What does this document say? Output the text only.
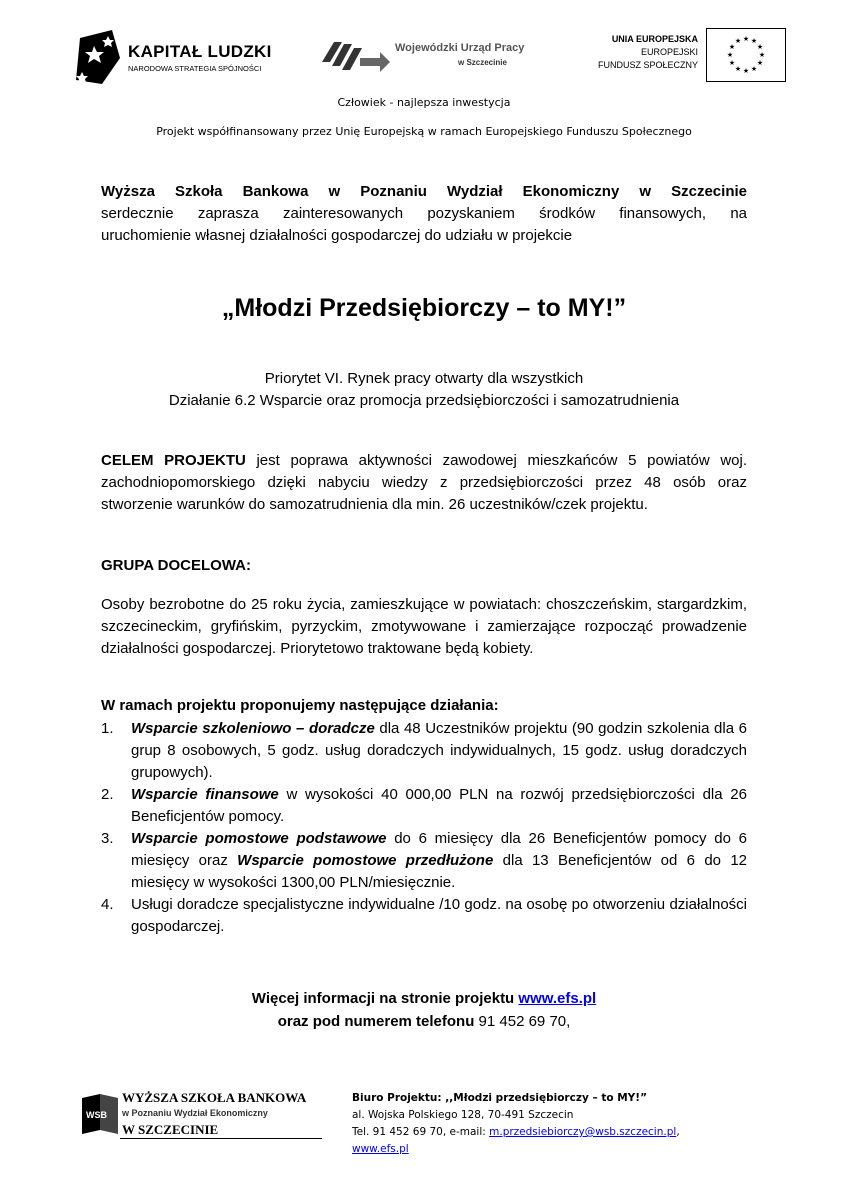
KAPITAŁ LUDZKI
NARODOWA STRATEGIA SPÓJNOŚCI
Wojewódzki Urząd Pracy
w Szczecinie
UNIA EUROPEJSKA
EUROPEJSKI
FUNDUSZ SPOŁECZNY
★ ★
★
★
★
★
★
★
★
★
★
★
Człowiek - najlepsza inwestycja
Projekt współfinansowany przez Unię Europejską w ramach Europejskiego Funduszu Społecznego
Wyższa Szkoła Bankowa w Poznaniu Wydział Ekonomiczny w Szczecinie
serdecznie zaprasza zainteresowanych pozyskaniem środków finansowych, na
uruchomienie własnej działalności gospodarczej do udziału w projekcie
„Młodzi Przedsiębiorczy – to MY!”
Priorytet VI. Rynek pracy otwarty dla wszystkich
Działanie 6.2 Wsparcie oraz promocja przedsiębiorczości i samozatrudnienia
CELEM PROJEKTU jest poprawa aktywności zawodowej mieszkańców 5 powiatów woj. zachodniopomorskiego dzięki nabyciu wiedzy z przedsiębiorczości przez 48 osób oraz stworzenie warunków do samozatrudnienia dla min. 26 uczestników/czek projektu.
GRUPA DOCELOWA:
Osoby bezrobotne do 25 roku życia, zamieszkujące w powiatach: choszczeńskim, stargardzkim, szczecineckim, gryfińskim, pyrzyckim, zmotywowane i zamierzające rozpocząć prowadzenie działalności gospodarczej. Priorytetowo traktowane będą kobiety.
W ramach projektu proponujemy następujące działania:
1. Wsparcie szkoleniowo – doradcze dla 48 Uczestników projektu (90 godzin szkolenia dla 6 grup 8 osobowych, 5 godz. usług doradczych indywidualnych, 15 godz. usług doradczych grupowych).
2. Wsparcie finansowe w wysokości 40 000,00 PLN na rozwój przedsiębiorczości dla 26 Beneficjentów pomocy.
3. Wsparcie pomostowe podstawowe do 6 miesięcy dla 26 Beneficjentów pomocy do 6 miesięcy oraz Wsparcie pomostowe przedłużone dla 13 Beneficjentów od 6 do 12 miesięcy w wysokości 1300,00 PLN/miesięcznie.
4. Usługi doradcze specjalistyczne indywidualne /10 godz. na osobę po otworzeniu działalności gospodarczej.
Więcej informacji na stronie projektu www.efs.pl
oraz pod numerem telefonu 91 452 69 70,
WSB
WYŻSZA SZKOŁA BANKOWA
w Poznaniu Wydział Ekonomiczny
W SZCZECINIE
Biuro Projektu: ,,Młodzi przedsiębiorczy – to MY!”
al. Wojska Polskiego 128, 70-491 Szczecin
Tel. 91 452 69 70, e-mail: m.przedsiebiorczy@wsb.szczecin.pl,
www.efs.pl
